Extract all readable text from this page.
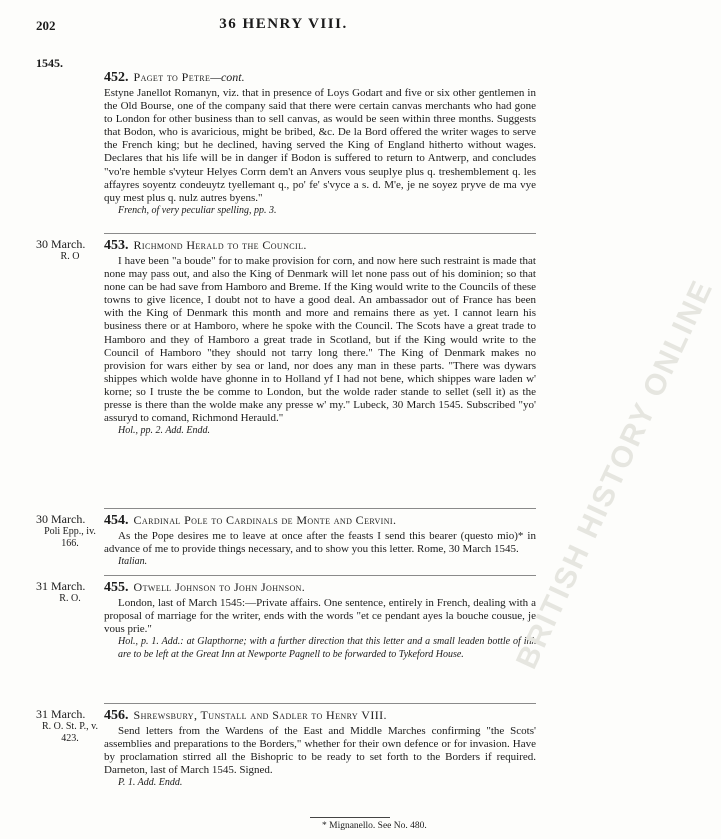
202	36 HENRY VIII.
1545.
452. Paget to Petre—cont.
Estyne Janellot Romanyn, viz. that in presence of Loys Godart and five or six other gentlemen in the Old Bourse, one of the company said that there were certain canvas merchants who had gone to London for other business than to sell canvas, as would be seen within three months. Suggests that Bodon, who is avaricious, might be bribed, &c. De la Bord offered the writer wages to serve the French king; but he declined, having served the King of England hitherto without wages. Declares that his life will be in danger if Bodon is suffered to return to Antwerp, and concludes "vo're hemble s'vyteur Helyes Corrn dem't an Anvers vous seuplye plus q. treshemblement q. les affayres soyentz condeuytz tyellemant q., po' fe' s'vyce a s. d. M'e, je ne soyez pryve de ma vye quy mest plus q. nulz autres byens."
French, of very peculiar spelling, pp. 3.
30 March.
R. O
453. Richmond Herald to the Council.
I have been "a boude" for to make provision for corn, and now here such restraint is made that none may pass out, and also the King of Denmark will let none pass out of his dominion; so that none can be had save from Hamboro and Breme. If the King would write to the Councils of these towns to give licence, I doubt not to have a good deal. An ambassador out of France has been with the King of Denmark this month and more and remains there as yet. I cannot learn his business there or at Hamboro, where he spoke with the Council. The Scots have a great trade to Hamboro and they of Hamboro a great trade in Scotland, but if the King would write to the Council of Hamboro "they should not tarry long there." The King of Denmark makes no provision for wars either by sea or land, nor does any man in these parts. "There was dywars shippes which wolde have ghonne in to Holland yf I had not bene, which shippes ware laden w' korne; so I truste the be comme to London, but the wolde rader stande to sellet (sell it) as the presse is there than the wolde make any presse w' my." Lubeck, 30 March 1545. Subscribed "yo' assuryd to comand, Richmond Herauld."
Hol., pp. 2. Add. Endd.
30 March.
Poli Epp., iv. 166.
454. Cardinal Pole to Cardinals de Monte and Cervini.
As the Pope desires me to leave at once after the feasts I send this bearer (questo mio)* in advance of me to provide things necessary, and to show you this letter. Rome, 30 March 1545.
Italian.
31 March.
R. O.
455. Otwell Johnson to John Johnson.
London, last of March 1545:—Private affairs. One sentence, entirely in French, dealing with a proposal of marriage for the writer, ends with the words "et ce pendant ayes la bouche cousue, je vous prie."
Hol., p. 1. Add.: at Glapthorne; with a further direction that this letter and a small leaden bottle of ink are to be left at the Great Inn at Newporte Pagnell to be forwarded to Tykeford House.
31 March.
R. O. St. P., v. 423.
456. Shrewsbury, Tunstall and Sadler to Henry VIII.
Send letters from the Wardens of the East and Middle Marches confirming "the Scots' assemblies and preparations to the Borders," whether for their own defence or for invasion. Have by proclamation stirred all the Bishopric to be ready to set forth to the Borders if required. Darneton, last of March 1545. Signed.
P. 1. Add. Endd.
* Mignanello. See No. 480.
BRITISH HISTORY ONLINE
